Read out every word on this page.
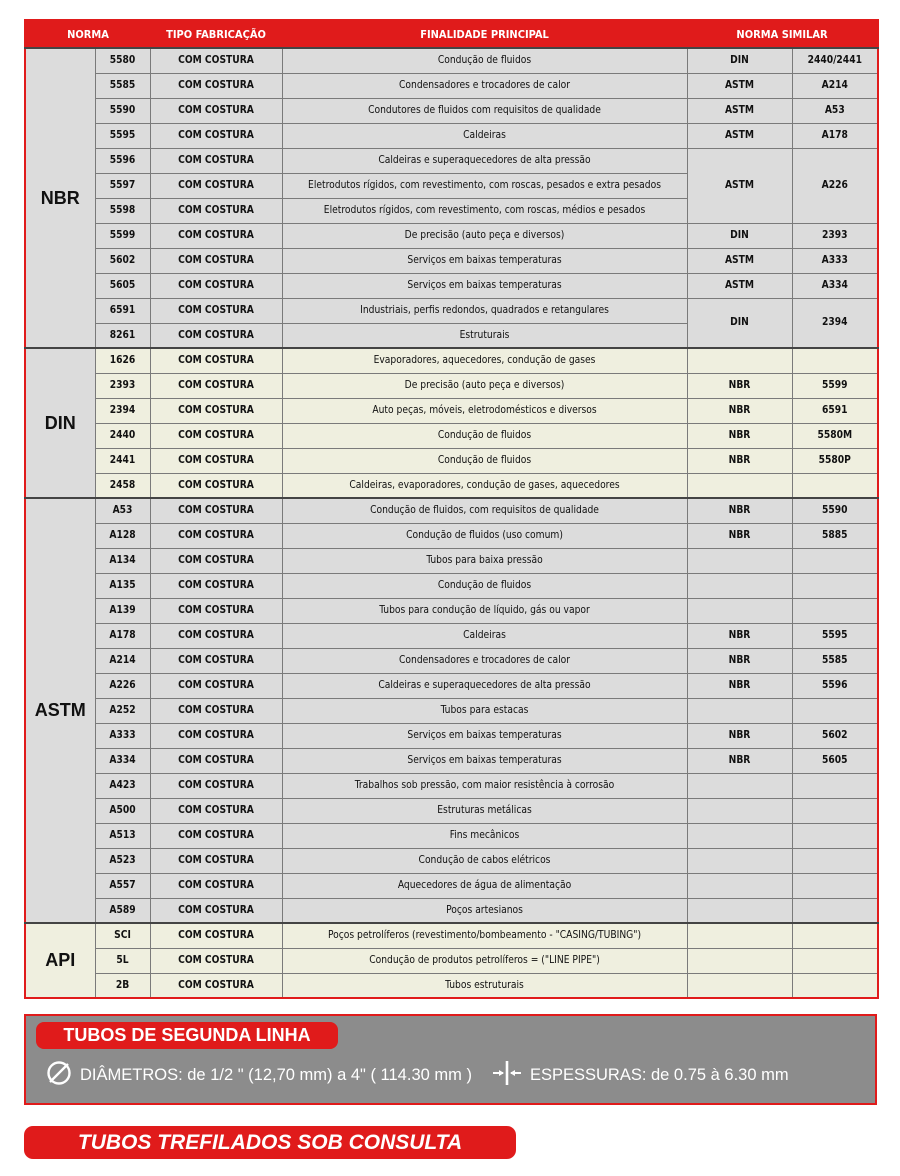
NORMA		TIPO FABRICAÇÃO	FINALIDADE PRINCIPAL	NORMA SIMILAR	
NBR	5580	COM COSTURA	Condução de fluidos	DIN	2440/2441
	5585	COM COSTURA	Condensadores e trocadores de calor	ASTM	A214
	5590	COM COSTURA	Condutores de fluidos com requisitos de qualidade	ASTM	A53
	5595	COM COSTURA	Caldeiras	ASTM	A178
	5596	COM COSTURA	Caldeiras e superaquecedores de alta pressão	ASTM	A226
	5597	COM COSTURA	Eletrodutos rígidos, com revestimento, com roscas, pesados e extra pesados		
	5598	COM COSTURA	Eletrodutos rígidos, com revestimento, com roscas, médios e pesados		
	5599	COM COSTURA	De precisão (auto peça e diversos)	DIN	2393
	5602	COM COSTURA	Serviços em baixas temperaturas	ASTM	A333
	5605	COM COSTURA	Serviços em baixas temperaturas	ASTM	A334
	6591	COM COSTURA	Industriais, perfis redondos, quadrados e retangulares	DIN	2394
	8261	COM COSTURA	Estruturais		
DIN	1626	COM COSTURA	Evaporadores, aquecedores, condução de gases		
	2393	COM COSTURA	De precisão (auto peça e diversos)	NBR	5599
	2394	COM COSTURA	Auto peças, móveis, eletrodomésticos e diversos	NBR	6591
	2440	COM COSTURA	Condução de fluidos	NBR	5580M
	2441	COM COSTURA	Condução de fluidos	NBR	5580P
	2458	COM COSTURA	Caldeiras, evaporadores, condução de gases, aquecedores		
ASTM	A53	COM COSTURA	Condução de fluidos, com requisitos de qualidade	NBR	5590
	A128	COM COSTURA	Condução de fluidos (uso comum)	NBR	5885
	A134	COM COSTURA	Tubos para baixa pressão		
	A135	COM COSTURA	Condução de fluidos		
	A139	COM COSTURA	Tubos para condução de líquido, gás ou vapor		
	A178	COM COSTURA	Caldeiras	NBR	5595
	A214	COM COSTURA	Condensadores e trocadores de calor	NBR	5585
	A226	COM COSTURA	Caldeiras e superaquecedores de alta pressão	NBR	5596
	A252	COM COSTURA	Tubos para estacas		
	A333	COM COSTURA	Serviços em baixas temperaturas	NBR	5602
	A334	COM COSTURA	Serviços em baixas temperaturas	NBR	5605
	A423	COM COSTURA	Trabalhos sob pressão, com maior resistência à corrosão		
	A500	COM COSTURA	Estruturas metálicas		
	A513	COM COSTURA	Fins mecânicos		
	A523	COM COSTURA	Condução de cabos elétricos		
	A557	COM COSTURA	Aquecedores de água de alimentação		
	A589	COM COSTURA	Poços artesianos		
API	SCI	COM COSTURA	Poços petrolíferos (revestimento/bombeamento - "CASING/TUBING")		
	5L	COM COSTURA	Condução de produtos petrolíferos = ("LINE PIPE")		
	2B	COM COSTURA	Tubos estruturais		
TUBOS DE SEGUNDA LINHA
DIÂMETROS: de 1/2 " (12,70 mm) a 4" ( 114.30 mm )	ESPESSURAS: de 0.75 à 6.30 mm
TUBOS TREFILADOS SOB CONSULTA
